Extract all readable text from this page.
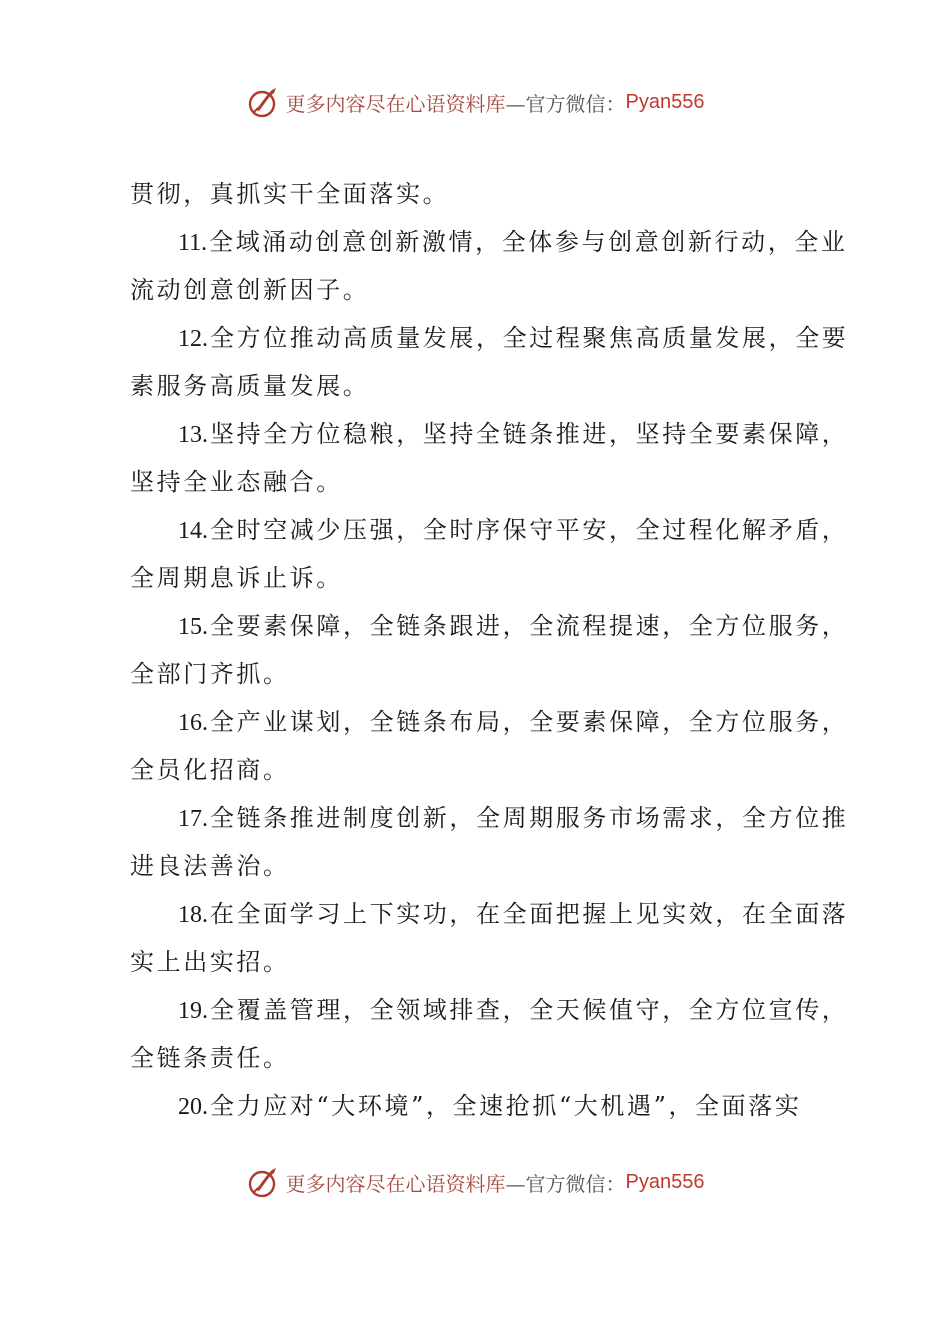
更多内容尽在心语资料库 —官方微信： Pyan556
贯彻，真抓实干全面落实。
11.全域涌动创意创新激情，全体参与创意创新行动，全业
流动创意创新因子。
12.全方位推动高质量发展，全过程聚焦高质量发展，全要
素服务高质量发展。
13.坚持全方位稳粮，坚持全链条推进，坚持全要素保障，
坚持全业态融合。
14.全时空减少压强，全时序保守平安，全过程化解矛盾，
全周期息诉止诉。
15.全要素保障，全链条跟进，全流程提速，全方位服务，
全部门齐抓。
16.全产业谋划，全链条布局，全要素保障，全方位服务，
全员化招商。
17.全链条推进制度创新，全周期服务市场需求，全方位推
进良法善治。
18.在全面学习上下实功，在全面把握上见实效，在全面落
实上出实招。
19.全覆盖管理，全领域排查，全天候值守，全方位宣传，
全链条责任。
20.全力应对“大环境”，全速抢抓“大机遇”，全面落实
更多内容尽在心语资料库 —官方微信： Pyan556
